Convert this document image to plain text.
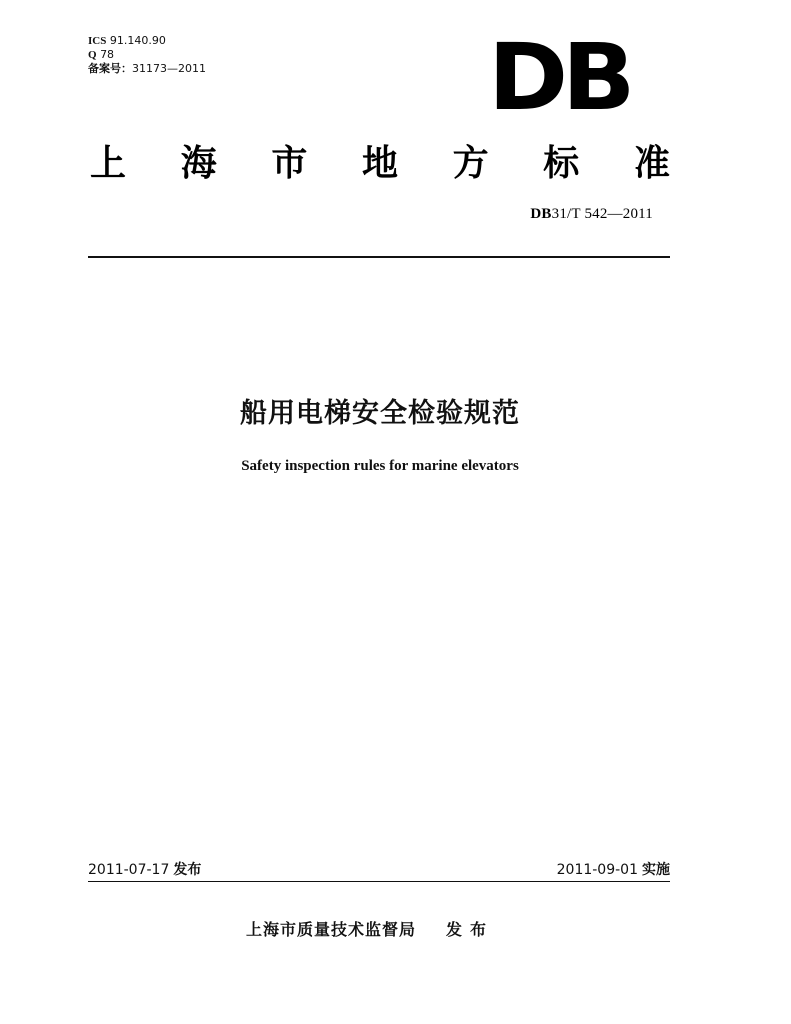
ICS 91.140.90
Q 78
备案号：31173—2011	DB
上 海 市 地 方 标 准
DB31/T 542—2011
船用电梯安全检验规范
Safety inspection rules for marine elevators
2011-07-17 发布	2011-09-01 实施
上海市质量技术监督局 发布
